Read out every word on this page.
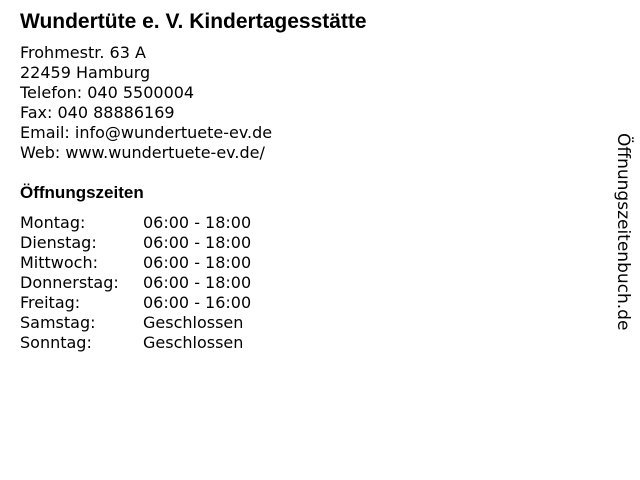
Wundertüte e. V. Kindertagesstätte
Frohmestr. 63 A
22459 Hamburg
Telefon: 040 5500004
Fax: 040 88886169
Email: info@wundertuete-ev.de
Web: www.wundertuete-ev.de/
Öffnungszeiten
Montag:	06:00 - 18:00
Dienstag:	06:00 - 18:00
Mittwoch:	06:00 - 18:00
Donnerstag: 06:00 - 18:00
Freitag:	06:00 - 16:00
Samstag:	Geschlossen
Sonntag:	Geschlossen
Öffnungszeitenbuch.de
